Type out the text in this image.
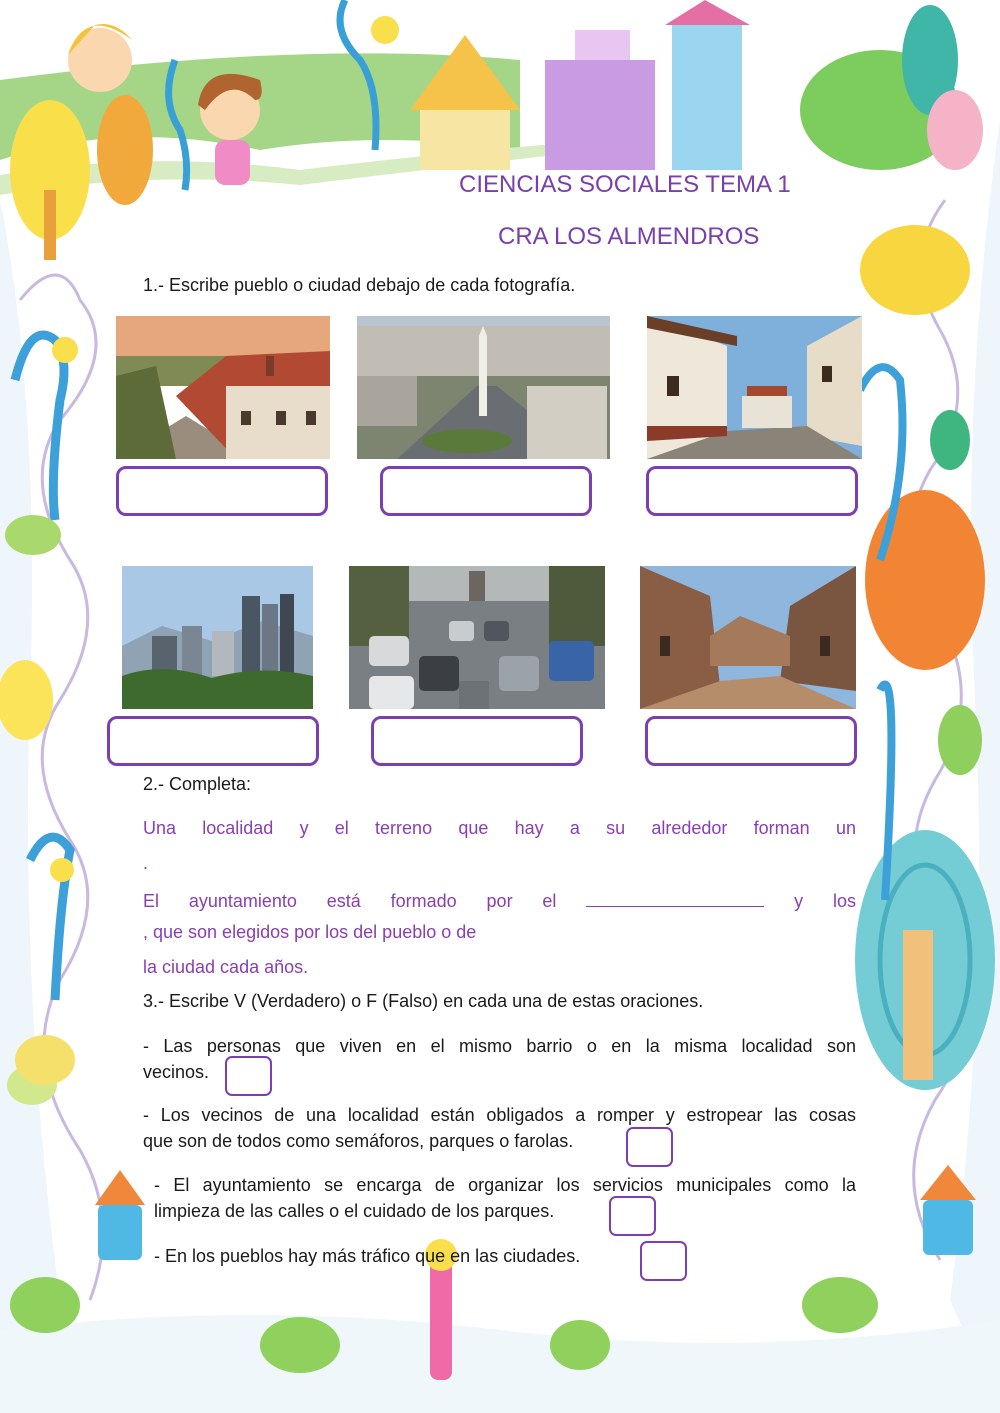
CIENCIAS SOCIALES TEMA 1
CRA LOS ALMENDROS
1.- Escribe pueblo o ciudad debajo de cada fotografía.
2.- Completa:
Una localidad y el terreno que hay a su alrededor forman un
.
El ayuntamiento está formado por el	y los
, que son elegidos por los del pueblo o de
la ciudad cada años.
3.- Escribe V (Verdadero) o F (Falso) en cada una de estas oraciones.
- Las personas que viven en el mismo barrio o en la misma localidad son
vecinos.
- Los vecinos de una localidad están obligados a romper y estropear las cosas
que son de todos como semáforos, parques o farolas.
- El ayuntamiento se encarga de organizar los servicios municipales como la
limpieza de las calles o el cuidado de los parques.
- En los pueblos hay más tráfico que en las ciudades.
